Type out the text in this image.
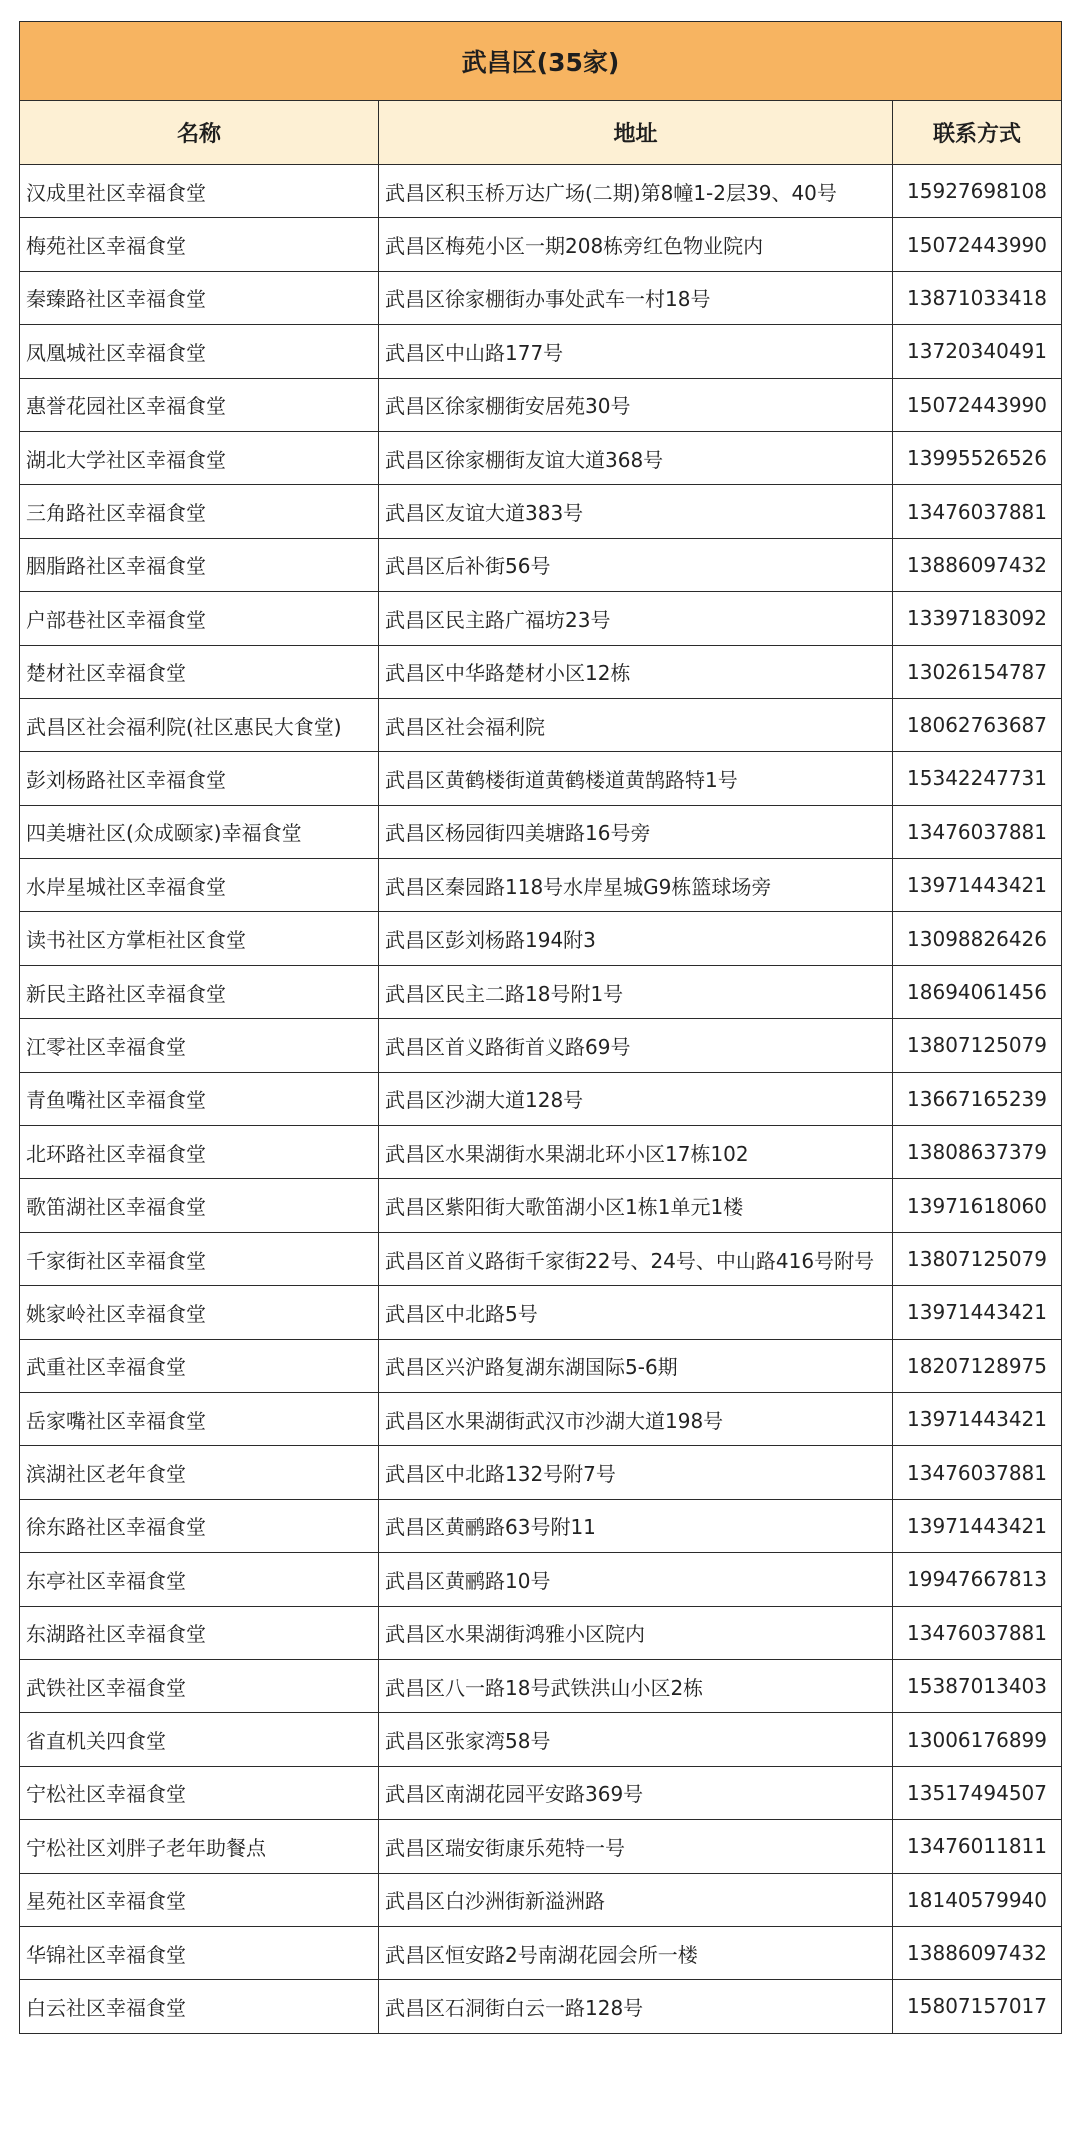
武昌区(35家)		
名称	地址	联系方式
汉成里社区幸福食堂	武昌区积玉桥万达广场(二期)第8幢1-2层39、40号	15927698108
梅苑社区幸福食堂	武昌区梅苑小区一期208栋旁红色物业院内	15072443990
秦臻路社区幸福食堂	武昌区徐家棚街办事处武车一村18号	13871033418
凤凰城社区幸福食堂	武昌区中山路177号	13720340491
惠誉花园社区幸福食堂	武昌区徐家棚街安居苑30号	15072443990
湖北大学社区幸福食堂	武昌区徐家棚街友谊大道368号	13995526526
三角路社区幸福食堂	武昌区友谊大道383号	13476037881
胭脂路社区幸福食堂	武昌区后补街56号	13886097432
户部巷社区幸福食堂	武昌区民主路广福坊23号	13397183092
楚材社区幸福食堂	武昌区中华路楚材小区12栋	13026154787
武昌区社会福利院(社区惠民大食堂)	武昌区社会福利院	18062763687
彭刘杨路社区幸福食堂	武昌区黄鹤楼街道黄鹤楼道黄鹄路特1号	15342247731
四美塘社区(众成颐家)幸福食堂	武昌区杨园街四美塘路16号旁	13476037881
水岸星城社区幸福食堂	武昌区秦园路118号水岸星城G9栋篮球场旁	13971443421
读书社区方掌柜社区食堂	武昌区彭刘杨路194附3	13098826426
新民主路社区幸福食堂	武昌区民主二路18号附1号	18694061456
江零社区幸福食堂	武昌区首义路街首义路69号	13807125079
青鱼嘴社区幸福食堂	武昌区沙湖大道128号	13667165239
北环路社区幸福食堂	武昌区水果湖街水果湖北环小区17栋102	13808637379
歌笛湖社区幸福食堂	武昌区紫阳街大歌笛湖小区1栋1单元1楼	13971618060
千家街社区幸福食堂	武昌区首义路街千家街22号、24号、中山路416号附号	13807125079
姚家岭社区幸福食堂	武昌区中北路5号	13971443421
武重社区幸福食堂	武昌区兴沪路复湖东湖国际5-6期	18207128975
岳家嘴社区幸福食堂	武昌区水果湖街武汉市沙湖大道198号	13971443421
滨湖社区老年食堂	武昌区中北路132号附7号	13476037881
徐东路社区幸福食堂	武昌区黄鹂路63号附11	13971443421
东亭社区幸福食堂	武昌区黄鹂路10号	19947667813
东湖路社区幸福食堂	武昌区水果湖街鸿雅小区院内	13476037881
武铁社区幸福食堂	武昌区八一路18号武铁洪山小区2栋	15387013403
省直机关四食堂	武昌区张家湾58号	13006176899
宁松社区幸福食堂	武昌区南湖花园平安路369号	13517494507
宁松社区刘胖子老年助餐点	武昌区瑞安街康乐苑特一号	13476011811
星苑社区幸福食堂	武昌区白沙洲街新溢洲路	18140579940
华锦社区幸福食堂	武昌区恒安路2号南湖花园会所一楼	13886097432
白云社区幸福食堂	武昌区石洞街白云一路128号	15807157017
